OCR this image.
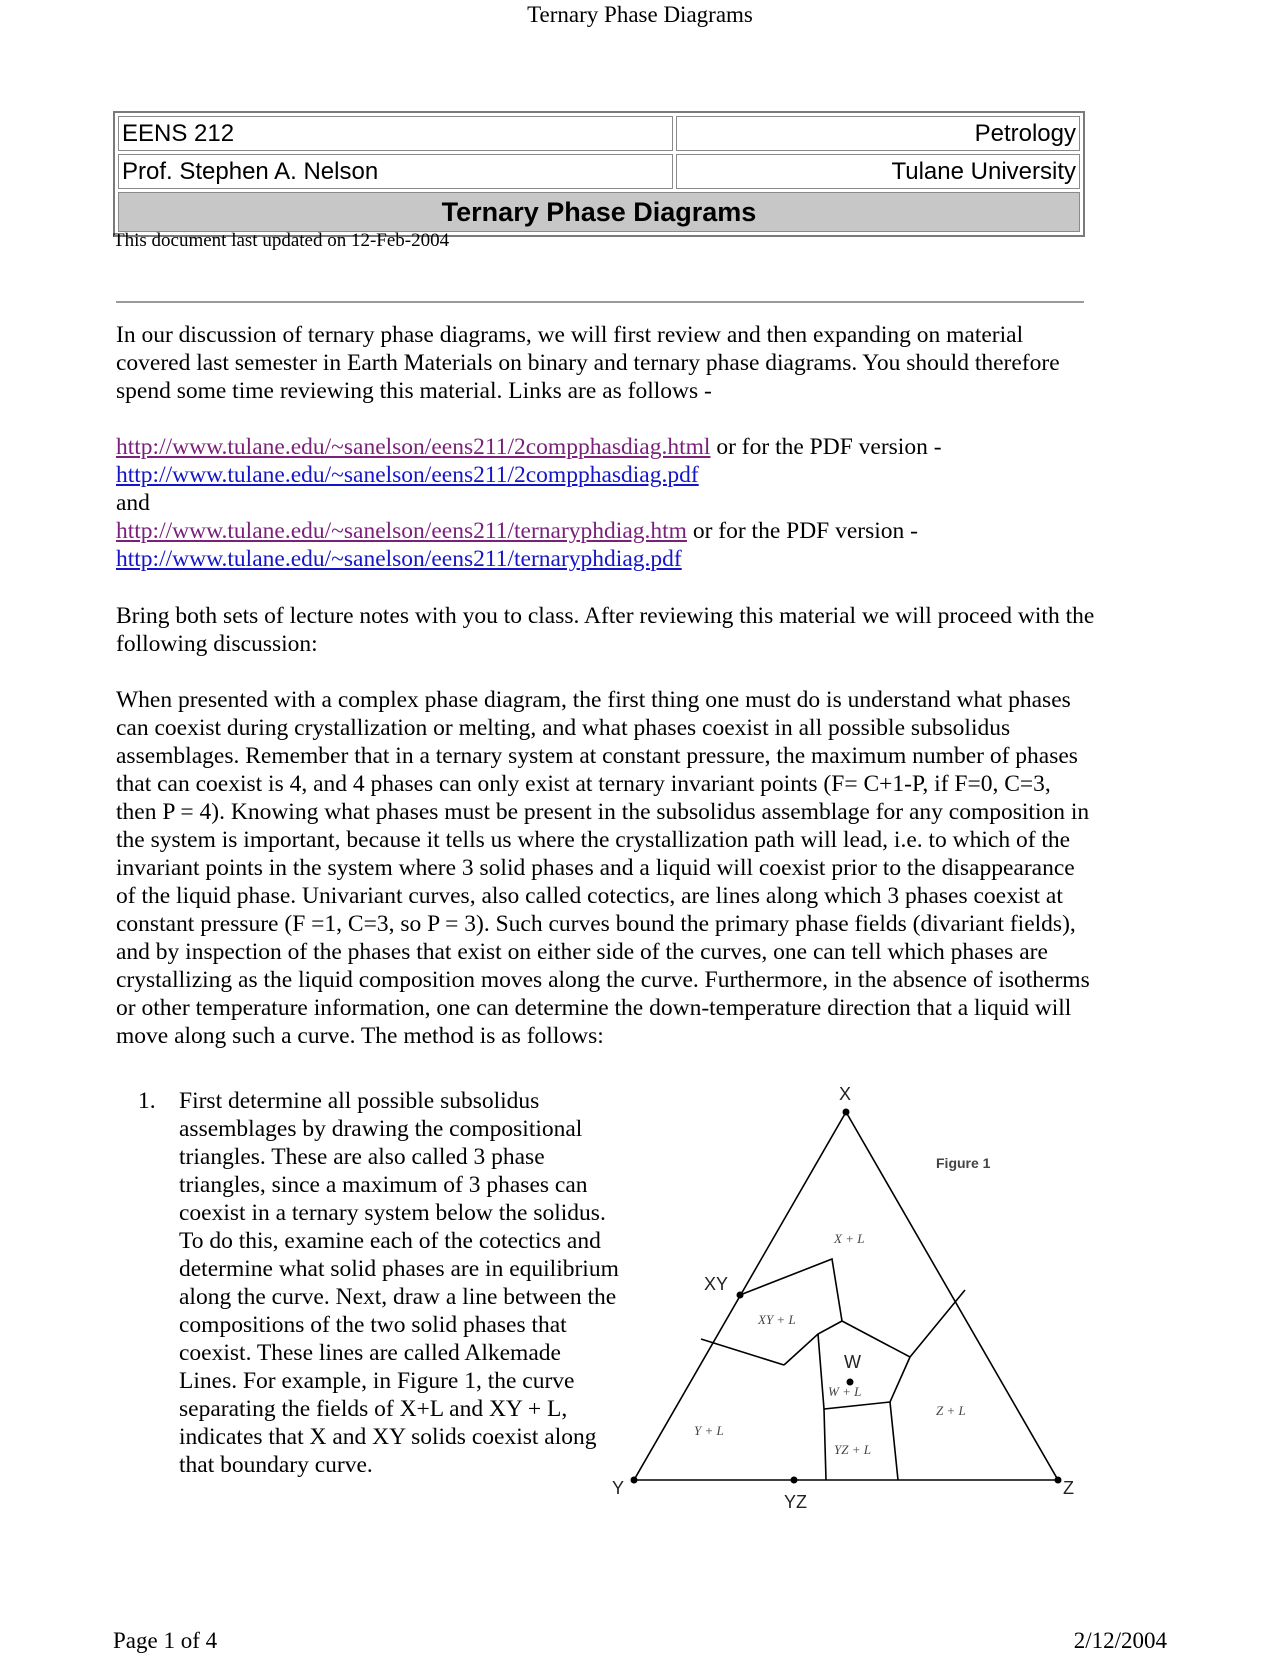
Ternary Phase Diagrams
EENS 212	Petrology
Prof. Stephen A. Nelson	Tulane University
Ternary Phase Diagrams	
This document last updated on 12-Feb-2004

In our discussion of ternary phase diagrams, we will first review and then expanding on material covered last semester in Earth Materials on binary and ternary phase diagrams. You should therefore spend some time reviewing this material. Links are as follows -

http://www.tulane.edu/~sanelson/eens211/2compphasdiag.html or for the PDF version -
http://www.tulane.edu/~sanelson/eens211/2compphasdiag.pdf
and
http://www.tulane.edu/~sanelson/eens211/ternaryphdiag.htm or for the PDF version -
http://www.tulane.edu/~sanelson/eens211/ternaryphdiag.pdf

Bring both sets of lecture notes with you to class. After reviewing this material we will proceed with the following discussion:

When presented with a complex phase diagram, the first thing one must do is understand what phases can coexist during crystallization or melting, and what phases coexist in all possible subsolidus assemblages. Remember that in a ternary system at constant pressure, the maximum number of phases that can coexist is 4, and 4 phases can only exist at ternary invariant points (F= C+1-P, if F=0, C=3, then P = 4). Knowing what phases must be present in the subsolidus assemblage for any composition in the system is important, because it tells us where the crystallization path will lead, i.e. to which of the invariant points in the system where 3 solid phases and a liquid will coexist prior to the disappearance of the liquid phase. Univariant curves, also called cotectics, are lines along which 3 phases coexist at constant pressure (F =1, C=3, so P = 3). Such curves bound the primary phase fields (divariant fields), and by inspection of the phases that exist on either side of the curves, one can tell which phases are crystallizing as the liquid composition moves along the curve. Furthermore, in the absence of isotherms or other temperature information, one can determine the down-temperature direction that a liquid will move along such a curve. The method is as follows:

1. First determine all possible subsolidus assemblages by drawing the compositional triangles. These are also called 3 phase triangles, since a maximum of 3 phases can coexist in a ternary system below the solidus. To do this, examine each of the cotectics and determine what solid phases are in equilibrium along the curve. Next, draw a line between the compositions of the two solid phases that coexist. These lines are called Alkemade Lines. For example, in Figure 1, the curve separating the fields of X+L and XY + L, indicates that X and XY solids coexist along that boundary curve.
X
Y	Z
XY
YZ
W
Figure 1
X + L
XY + L
W + L
Y + L
Z + L
YZ + L
Page 1 of 4	2/12/2004
